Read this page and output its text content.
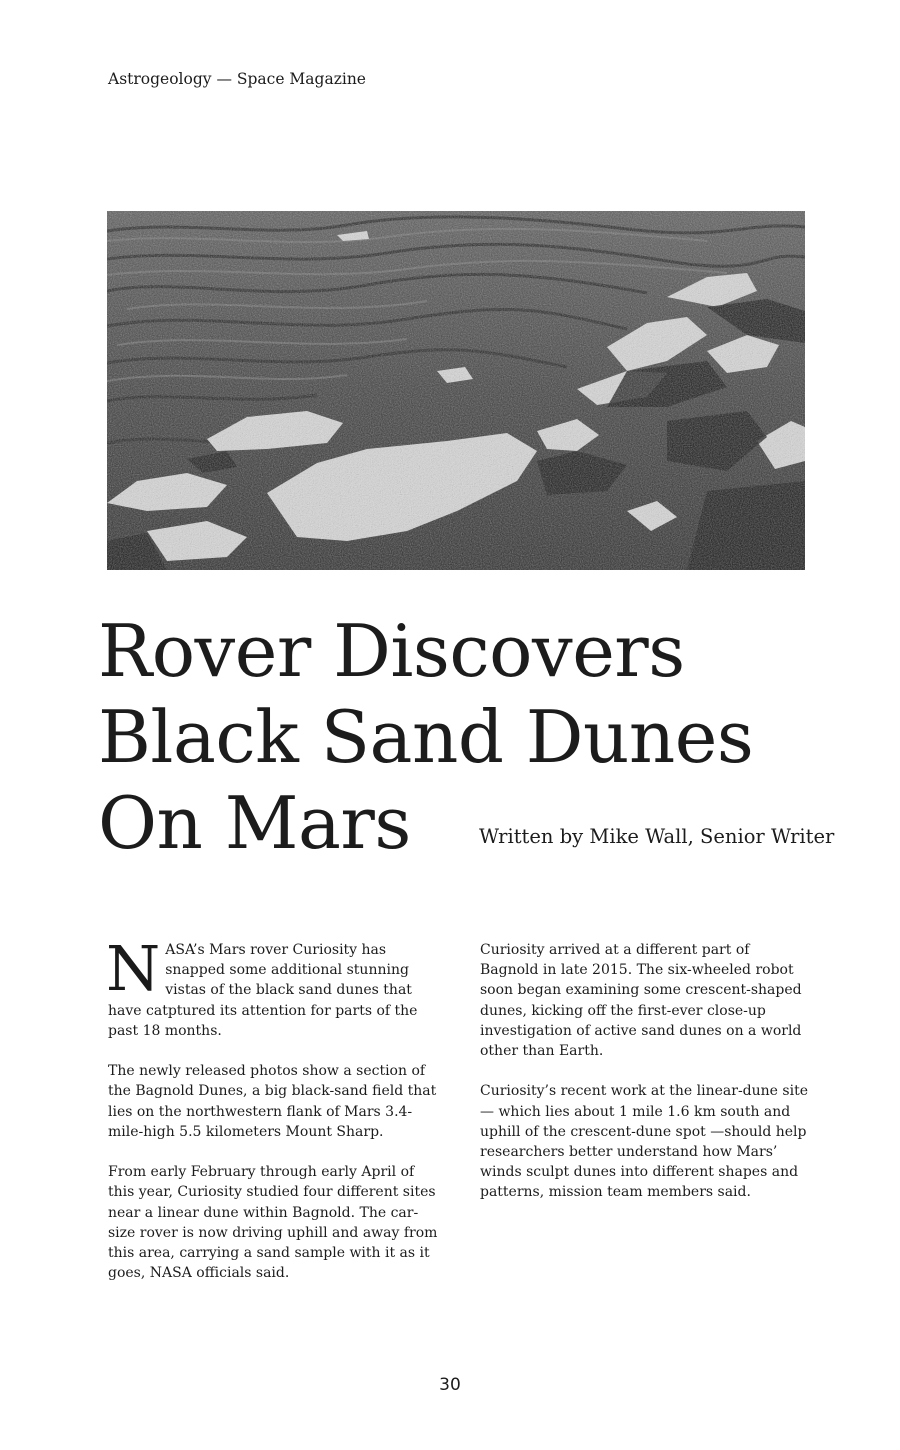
Astrogeology — Space Magazine
Rover Discovers Black Sand Dunes On Mars	Written by Mike Wall, Senior Writer

NASA’s Mars rover Curiosity has snapped some additional stunning vistas of the black sand dunes that have catptured its attention for parts of the past 18 months.

The newly released photos show a section of the Bagnold Dunes, a big black-sand field that lies on the northwestern flank of Mars 3.4-mile-high 5.5 kilometers Mount Sharp.

From early February through early April of this year, Curiosity studied four different sites near a linear dune within Bagnold. The car-size rover is now driving uphill and away from this area, carrying a sand sample with it as it goes, NASA officials said.

Curiosity arrived at a different part of Bagnold in late 2015. The six-wheeled robot soon began examining some crescent-shaped dunes, kicking off the first-ever close-up investigation of active sand dunes on a world other than Earth.

Curiosity’s recent work at the linear-dune site — which lies about 1 mile 1.6 km south and uphill of the crescent-dune spot —should help researchers better understand how Mars’ winds sculpt dunes into different shapes and patterns, mission team members said.

30
